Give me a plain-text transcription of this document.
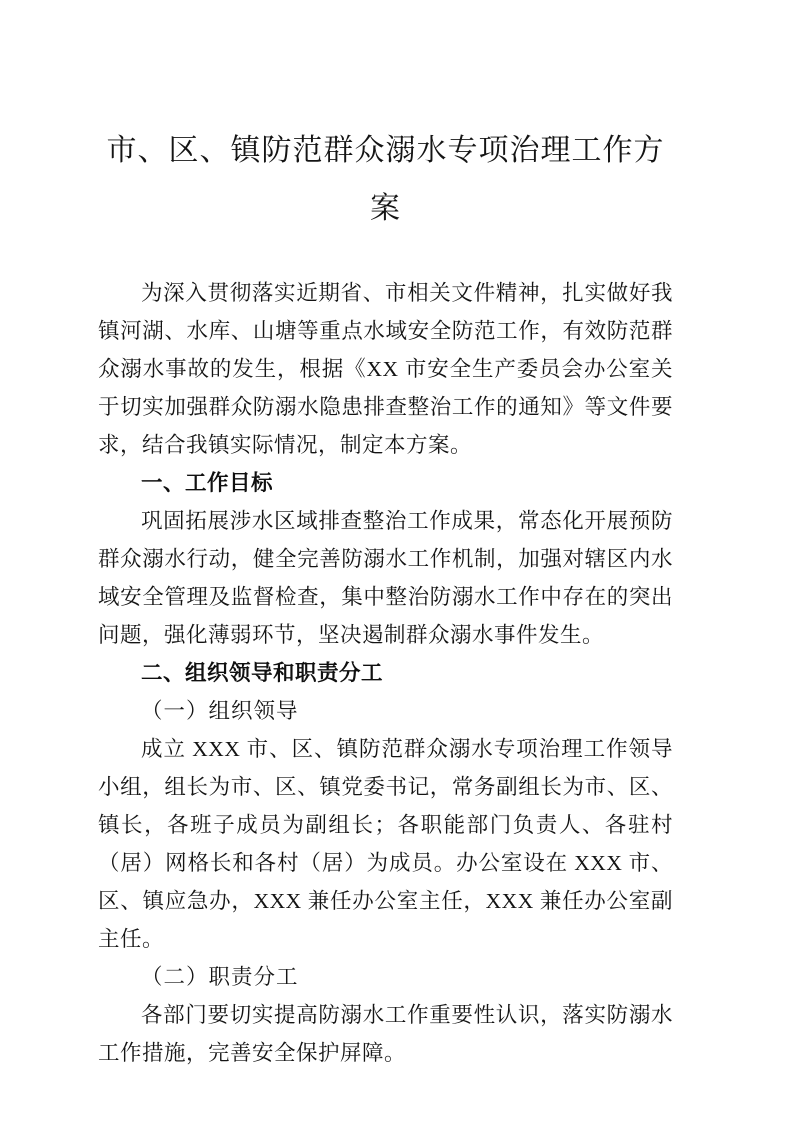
市、区、镇防范群众溺水专项治理工作方
案

为深入贯彻落实近期省、市相关文件精神，扎实做好我镇河湖、水库、山塘等重点水域安全防范工作，有效防范群众溺水事故的发生，根据《XX 市安全生产委员会办公室关于切实加强群众防溺水隐患排查整治工作的通知》等文件要求，结合我镇实际情况，制定本方案。

一、工作目标

巩固拓展涉水区域排查整治工作成果，常态化开展预防群众溺水行动，健全完善防溺水工作机制，加强对辖区内水域安全管理及监督检查，集中整治防溺水工作中存在的突出问题，强化薄弱环节，坚决遏制群众溺水事件发生。

二、组织领导和职责分工
（一）组织领导

成立 XXX 市、区、镇防范群众溺水专项治理工作领导小组，组长为市、区、镇党委书记，常务副组长为市、区、镇长，各班子成员为副组长；各职能部门负责人、各驻村（居）网格长和各村（居）为成员。办公室设在 XXX 市、区、镇应急办，XXX 兼任办公室主任，XXX 兼任办公室副主任。

（二）职责分工

各部门要切实提高防溺水工作重要性认识，落实防溺水工作措施，完善安全保护屏障。
